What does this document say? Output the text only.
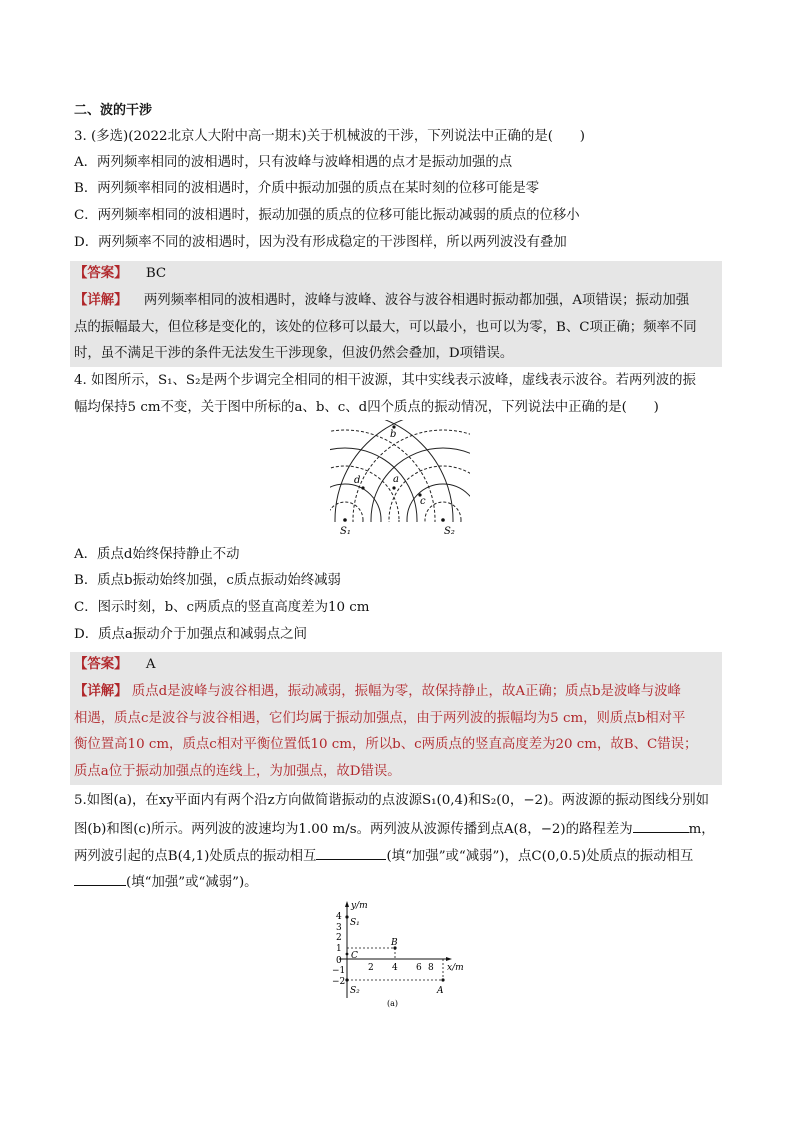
二、波的干涉
3. (多选)(2022北京人大附中高一期末)关于机械波的干涉，下列说法中正确的是(　　)
A．两列频率相同的波相遇时，只有波峰与波峰相遇的点才是振动加强的点
B．两列频率相同的波相遇时，介质中振动加强的质点在某时刻的位移可能是零
C．两列频率相同的波相遇时，振动加强的质点的位移可能比振动减弱的质点的位移小
D．两列频率不同的波相遇时，因为没有形成稳定的干涉图样，所以两列波没有叠加
【答案】 BC
【详解】 两列频率相同的波相遇时，波峰与波峰、波谷与波谷相遇时振动都加强，A项错误；振动加强
点的振幅最大，但位移是变化的，该处的位移可以最大，可以最小，也可以为零，B、C项正确；频率不同
时，虽不满足干涉的条件无法发生干涉现象，但波仍然会叠加，D项错误。
4. 如图所示，S₁、S₂是两个步调完全相同的相干波源，其中实线表示波峰，虚线表示波谷。若两列波的振
幅均保持5 cm不变，关于图中所标的a、b、c、d四个质点的振动情况，下列说法中正确的是(　　)
b
a
c
d
S₁	S₂
A．质点d始终保持静止不动
B．质点b振动始终加强，c质点振动始终减弱
C．图示时刻，b、c两质点的竖直高度差为10 cm
D．质点a振动介于加强点和减弱点之间
【答案】 A
【详解】 质点d是波峰与波谷相遇，振动减弱，振幅为零，故保持静止，故A正确；质点b是波峰与波峰
相遇，质点c是波谷与波谷相遇，它们均属于振动加强点，由于两列波的振幅均为5 cm，则质点b相对平
衡位置高10 cm，质点c相对平衡位置低10 cm，所以b、c两质点的竖直高度差为20 cm，故B、C错误；
质点a位于振动加强点的连线上，为加强点，故D错误。
5.如图(a)，在xy平面内有两个沿z方向做简谐振动的点波源S₁(0,4)和S₂(0，−2)。两波源的振动图线分别如
图(b)和图(c)所示。两列波的波速均为1.00 m/s。两列波从波源传播到点A(8，−2)的路程差为	m，
两列波引起的点B(4,1)处质点的振动相互	(填“加强”或“减弱”)，点C(0,0.5)处质点的振动相互
(填“加强”或“减弱”)。
y/m
x/m
4
3
2
1
0
−1
−2
2 4 6 8
S₁
S₂
B
C
A
(a)
